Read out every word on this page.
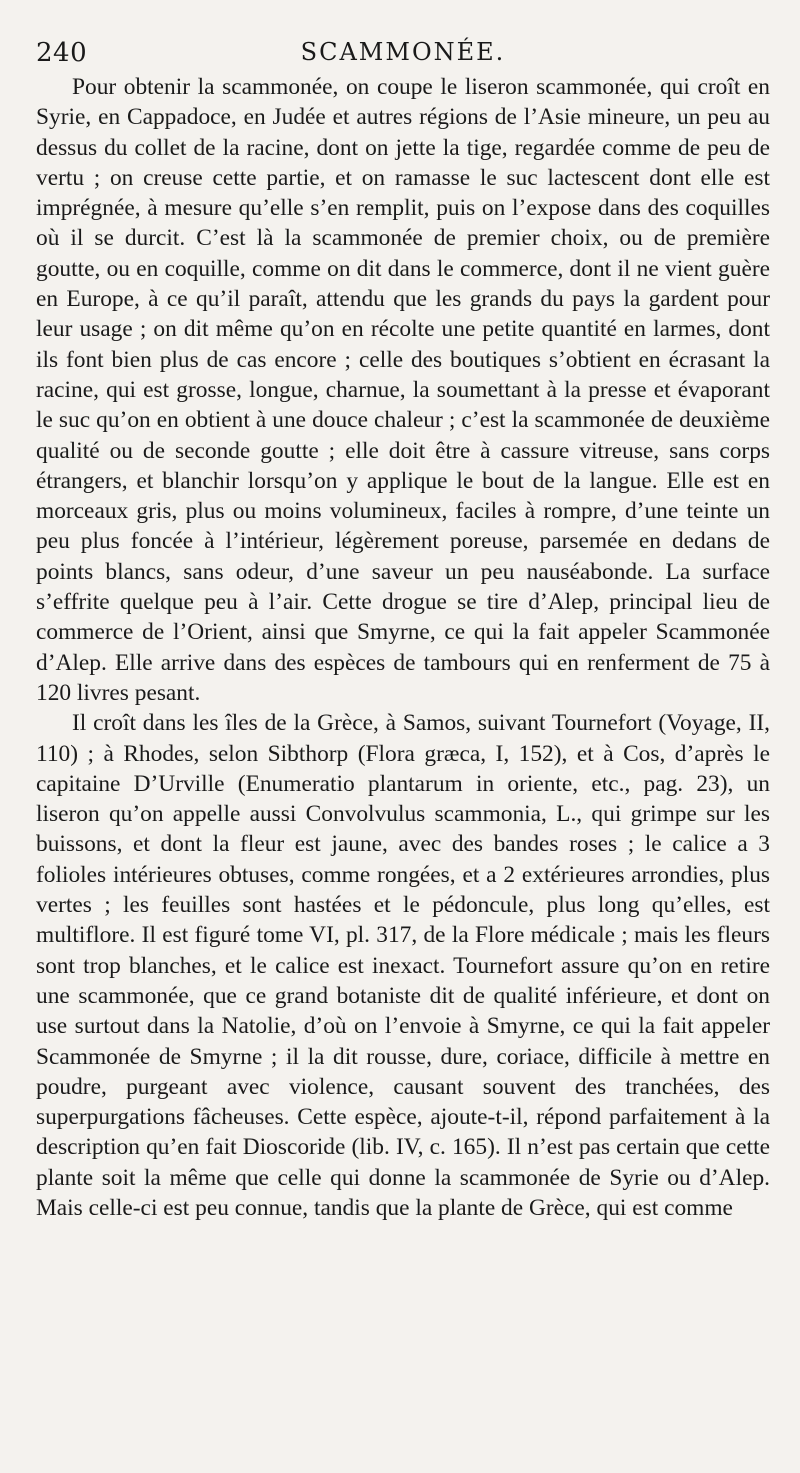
240	SCAMMONÉE.

Pour obtenir la scammonée, on coupe le liseron scammonée, qui croît en Syrie, en Cappadoce, en Judée et autres régions de l’Asie mineure, un peu au dessus du collet de la racine, dont on jette la tige, regardée comme de peu de vertu ; on creuse cette partie, et on ramasse le suc lactescent dont elle est imprégnée, à mesure qu’elle s’en remplit, puis on l’expose dans des coquilles où il se durcit. C’est là la scammonée de premier choix, ou de première goutte, ou en coquille, comme on dit dans le commerce, dont il ne vient guère en Europe, à ce qu’il paraît, attendu que les grands du pays la gardent pour leur usage ; on dit même qu’on en récolte une petite quantité en larmes, dont ils font bien plus de cas encore ; celle des boutiques s’obtient en écrasant la racine, qui est grosse, longue, charnue, la soumettant à la presse et évaporant le suc qu’on en obtient à une douce chaleur ; c’est la scammonée de deuxième qualité ou de seconde goutte ; elle doit être à cassure vitreuse, sans corps étrangers, et blanchir lorsqu’on y applique le bout de la langue. Elle est en morceaux gris, plus ou moins volumineux, faciles à rompre, d’une teinte un peu plus foncée à l’intérieur, légèrement poreuse, parsemée en dedans de points blancs, sans odeur, d’une saveur un peu nauséabonde. La surface s’effrite quelque peu à l’air. Cette drogue se tire d’Alep, principal lieu de commerce de l’Orient, ainsi que Smyrne, ce qui la fait appeler Scammonée d’Alep. Elle arrive dans des espèces de tambours qui en renferment de 75 à 120 livres pesant.

Il croît dans les îles de la Grèce, à Samos, suivant Tournefort (Voyage, II, 110) ; à Rhodes, selon Sibthorp (Flora græca, I, 152), et à Cos, d’après le capitaine D’Urville (Enumeratio plantarum in oriente, etc., pag. 23), un liseron qu’on appelle aussi Convolvulus scammonia, L., qui grimpe sur les buissons, et dont la fleur est jaune, avec des bandes roses ; le calice a 3 folioles intérieures obtuses, comme rongées, et a 2 extérieures arrondies, plus vertes ; les feuilles sont hastées et le pédoncule, plus long qu’elles, est multiflore. Il est figuré tome VI, pl. 317, de la Flore médicale ; mais les fleurs sont trop blanches, et le calice est inexact. Tournefort assure qu’on en retire une scammonée, que ce grand botaniste dit de qualité inférieure, et dont on use surtout dans la Natolie, d’où on l’envoie à Smyrne, ce qui la fait appeler Scammonée de Smyrne ; il la dit rousse, dure, coriace, difficile à mettre en poudre, purgeant avec violence, causant souvent des tranchées, des superpurgations fâcheuses. Cette espèce, ajoute-t-il, répond parfaitement à la description qu’en fait Dioscoride (lib. IV, c. 165). Il n’est pas certain que cette plante soit la même que celle qui donne la scammonée de Syrie ou d’Alep. Mais celle-ci est peu connue, tandis que la plante de Grèce, qui est comme
